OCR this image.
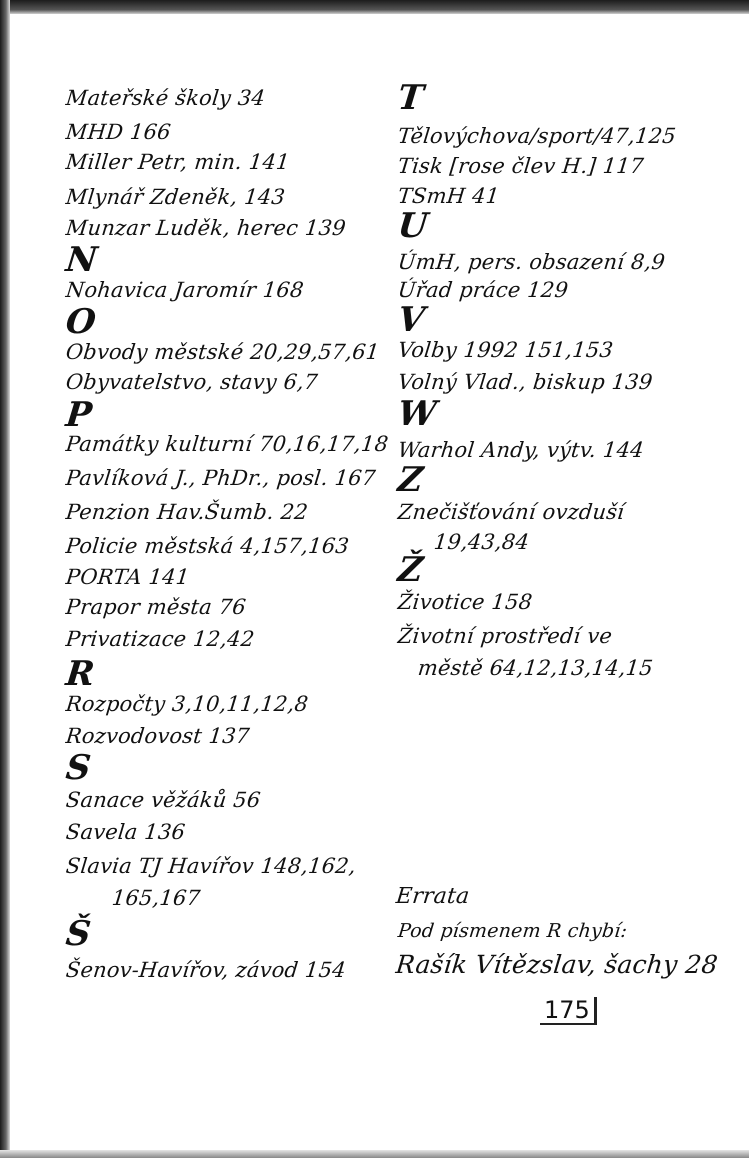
Mateřské školy 34
MHD 166
Miller Petr, min. 141
Mlynář Zdeněk, 143
Munzar Luděk, herec 139
N
Nohavica Jaromír 168
O
Obvody městské 20,29,57,61
Obyvatelstvo, stavy 6,7
P
Památky kulturní 70,16,17,18
Pavlíková J., PhDr., posl. 167
Penzion Hav.Šumb. 22
Policie městská 4,157,163
PORTA 141
Prapor města 76
Privatizace 12,42
R
Rozpočty 3,10,11,12,8
Rozvodovost 137
S
Sanace věžáků 56
Savela 136
Slavia TJ Havířov 148,162,
165,167
Š
Šenov-Havířov, závod 154
T
Tělovýchova/sport/47,125
Tisk [rose člev H.] 117
TSmH 41
U
ÚmH, pers. obsazení 8,9
Úřad práce 129
V
Volby 1992 151,153
Volný Vlad., biskup 139
W
Warhol Andy, výtv. 144
Z
Znečišťování ovzduší
19,43,84
Ž
Životice 158
Životní prostředí ve
městě 64,12,13,14,15
Errata
Pod písmenem R chybí:
Rašík Vítězslav, šachy 28
175
